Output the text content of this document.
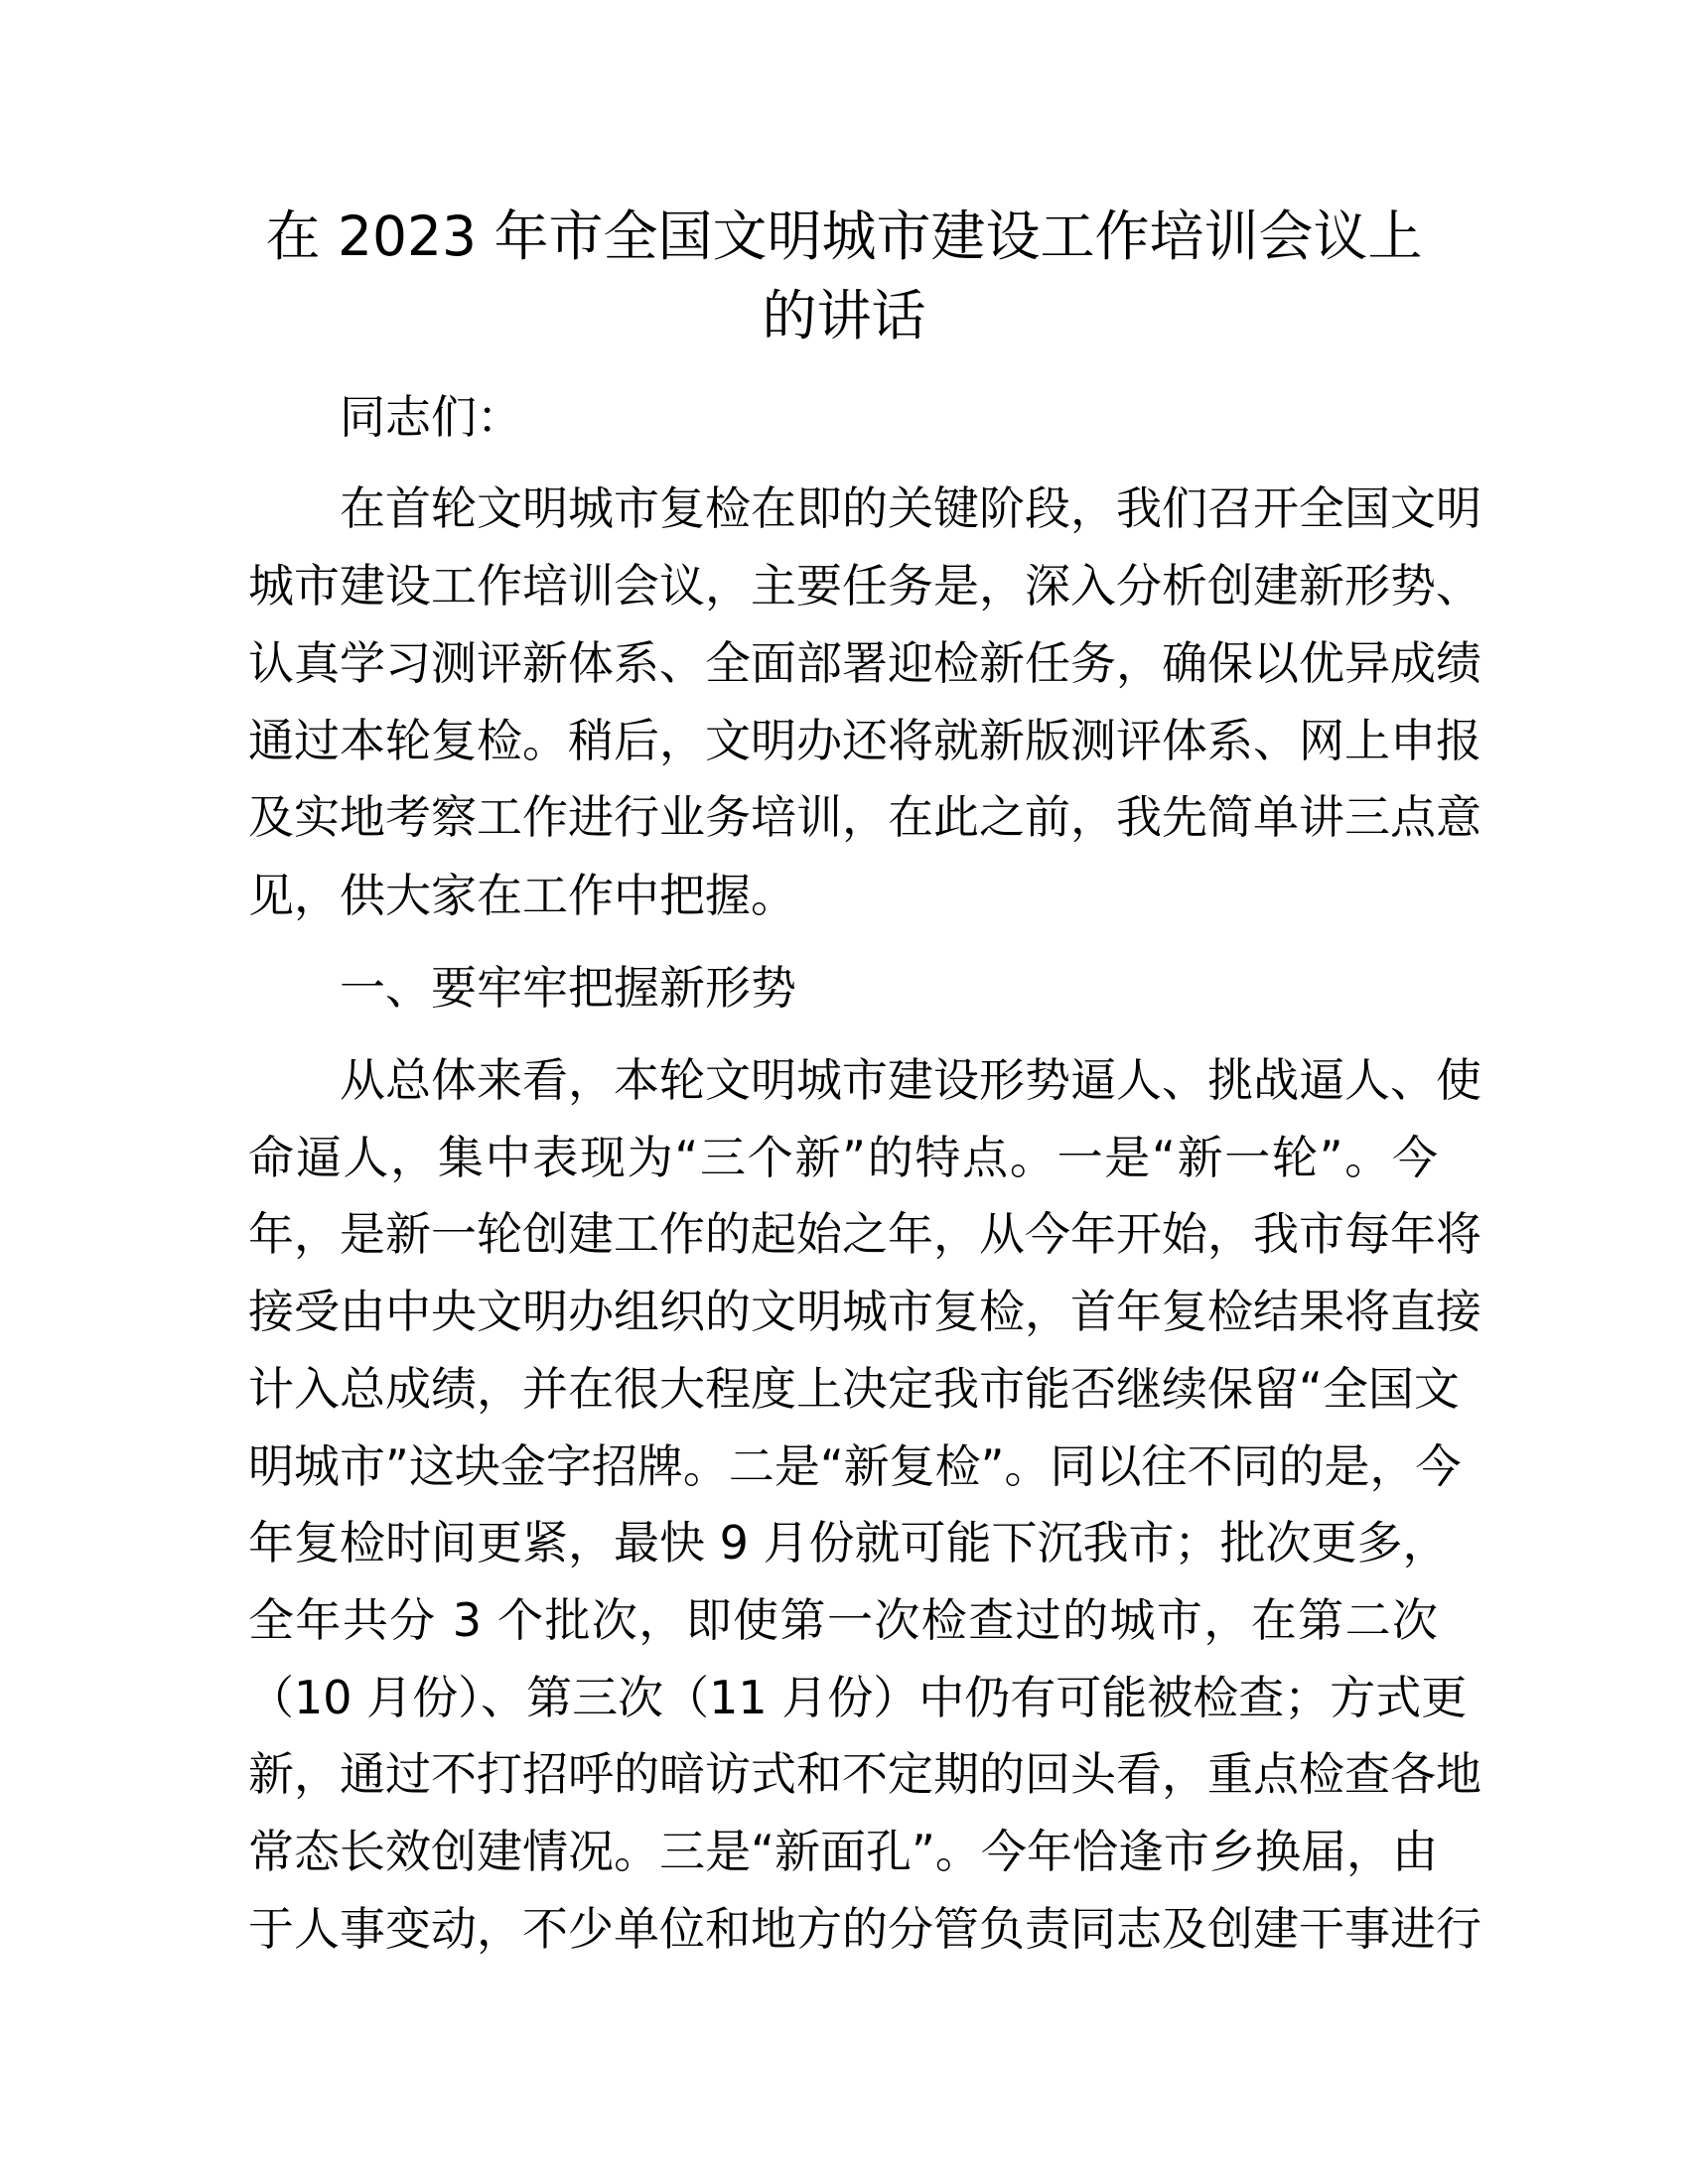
在 2023 年市全国文明城市建设工作培训会议上
的讲话
同志们：
在首轮文明城市复检在即的关键阶段，我们召开全国文明
城市建设工作培训会议，主要任务是，深入分析创建新形势、
认真学习测评新体系、全面部署迎检新任务，确保以优异成绩
通过本轮复检。稍后，文明办还将就新版测评体系、网上申报
及实地考察工作进行业务培训，在此之前，我先简单讲三点意
见，供大家在工作中把握。
一、要牢牢把握新形势
从总体来看，本轮文明城市建设形势逼人、挑战逼人、使
命逼人，集中表现为“三个新”的特点。一是“新一轮”。今
年，是新一轮创建工作的起始之年，从今年开始，我市每年将
接受由中央文明办组织的文明城市复检，首年复检结果将直接
计入总成绩，并在很大程度上决定我市能否继续保留“全国文
明城市”这块金字招牌。二是“新复检”。同以往不同的是，今
年复检时间更紧，最快 9 月份就可能下沉我市；批次更多，
全年共分 3 个批次，即使第一次检查过的城市，在第二次
（10 月份）、第三次（11 月份）中仍有可能被检查；方式更
新，通过不打招呼的暗访式和不定期的回头看，重点检查各地
常态长效创建情况。三是“新面孔”。今年恰逢市乡换届，由
于人事变动，不少单位和地方的分管负责同志及创建干事进行
